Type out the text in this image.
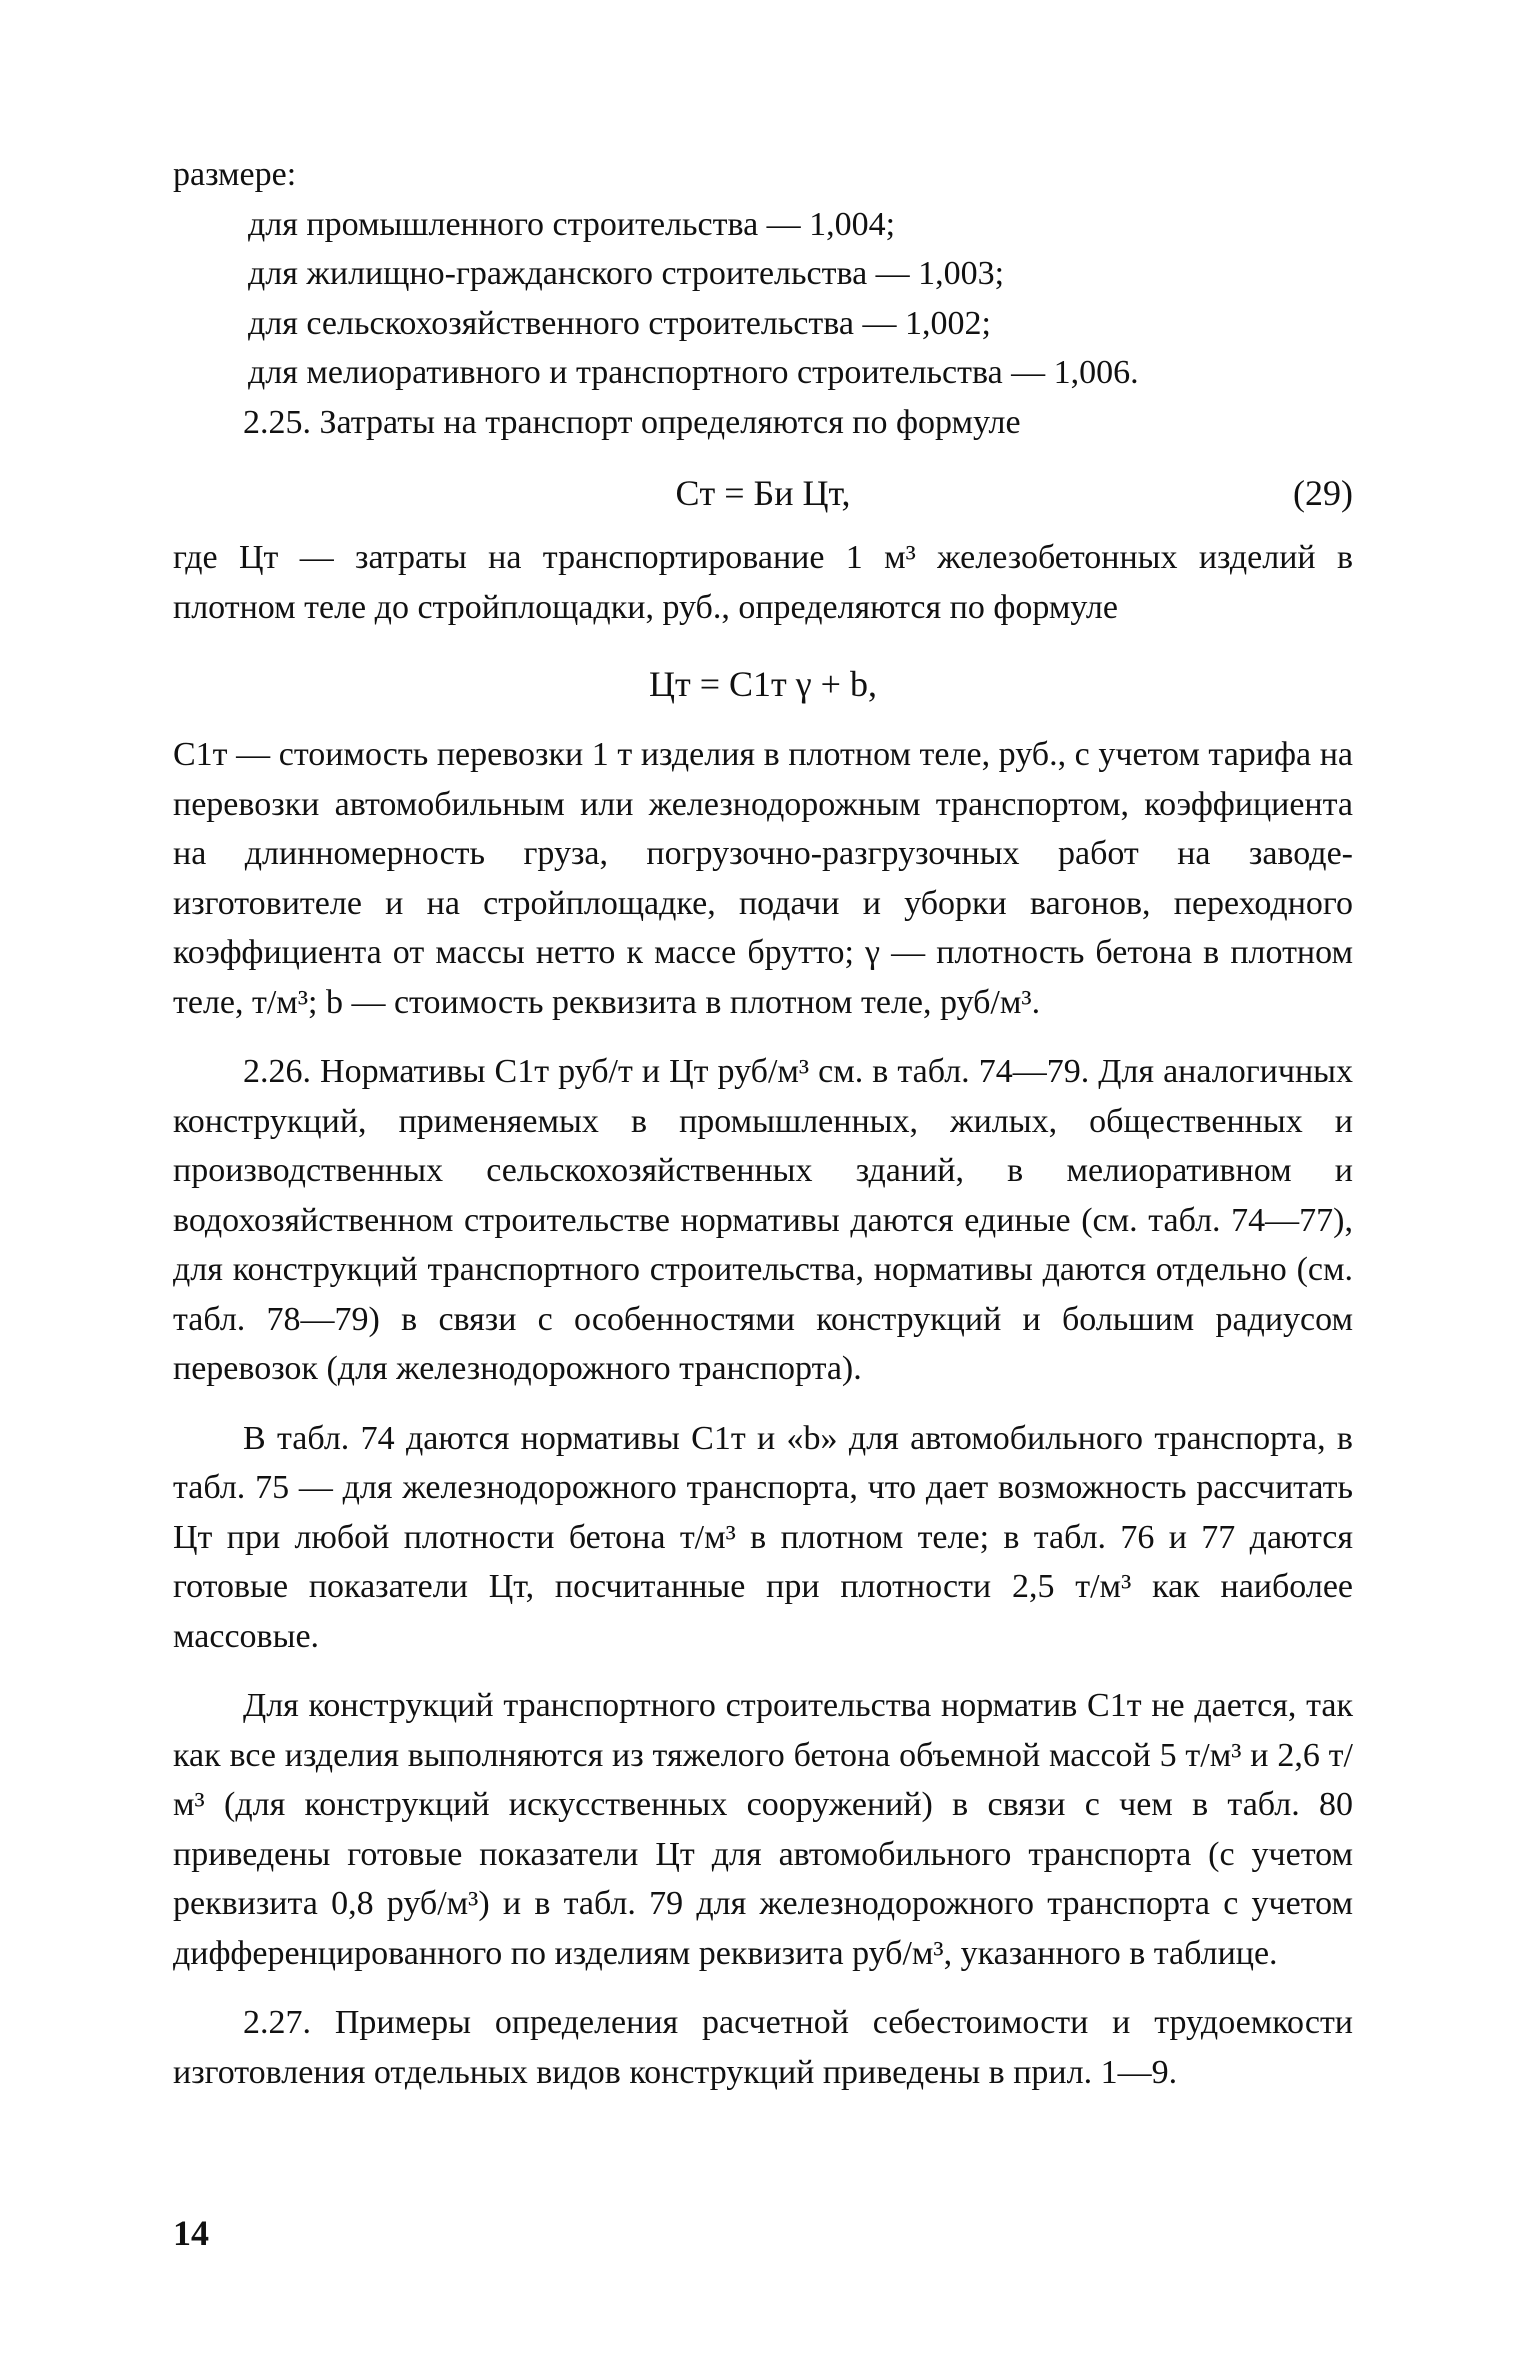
размере:

для промышленного строительства — 1,004;

для жилищно-гражданского строительства — 1,003;

для сельскохозяйственного строительства — 1,002;

для мелиоративного и транспортного строительства — 1,006.

2.25. Затраты на транспорт определяются по формуле

Cт = Би Цт,	(29)

где Цт — затраты на транспортирование 1 м³ железобетонных изделий в плотном теле до стройплощадки, руб., определяются по формуле

Цт = C1т γ + b,

C1т — стоимость перевозки 1 т изделия в плотном теле, руб., с учетом тарифа на перевозки автомобильным или железнодорожным транспортом, коэффициента на длинномерность груза, погрузочно-разгрузочных работ на заводе-изготовителе и на стройплощадке, подачи и уборки вагонов, переходного коэффициента от массы нетто к массе брутто; γ — плотность бетона в плотном теле, т/м³; b — стоимость реквизита в плотном теле, руб/м³.

2.26. Нормативы C1т руб/т и Цт руб/м³ см. в табл. 74—79. Для аналогичных конструкций, применяемых в промышленных, жилых, общественных и производственных сельскохозяйственных зданий, в мелиоративном и водохозяйственном строительстве нормативы даются единые (см. табл. 74—77), для конструкций транспортного строительства, нормативы даются отдельно (см. табл. 78—79) в связи с особенностями конструкций и большим радиусом перевозок (для железнодорожного транспорта).

В табл. 74 даются нормативы C1т и «b» для автомобильного транспорта, в табл. 75 — для железнодорожного транспорта, что дает возможность рассчитать Цт при любой плотности бетона т/м³ в плотном теле; в табл. 76 и 77 даются готовые показатели Цт, посчитанные при плотности 2,5 т/м³ как наиболее массовые.

Для конструкций транспортного строительства норматив C1т не дается, так как все изделия выполняются из тяжелого бетона объемной массой 5 т/м³ и 2,6 т/м³ (для конструкций искусственных сооружений) в связи с чем в табл. 80 приведены готовые показатели Цт для автомобильного транспорта (с учетом реквизита 0,8 руб/м³) и в табл. 79 для железнодорожного транспорта с учетом дифференцированного по изделиям реквизита руб/м³, указанного в таблице.

2.27. Примеры определения расчетной себестоимости и трудоемкости изготовления отдельных видов конструкций приведены в прил. 1—9.

14
